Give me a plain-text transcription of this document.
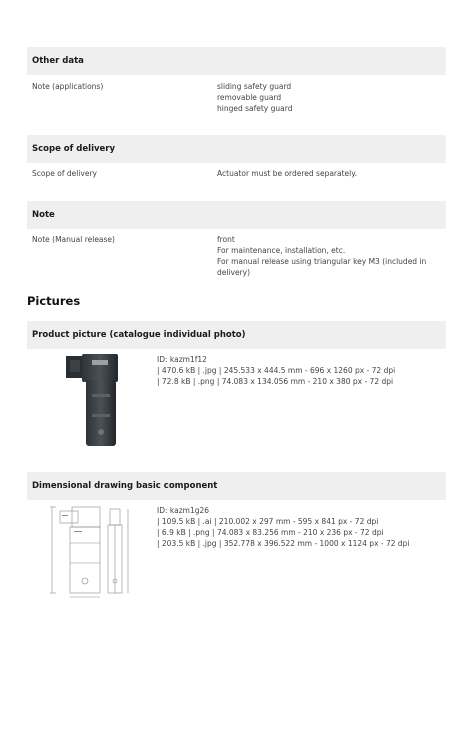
Other data
Note (applications)	sliding safety guard
removable guard
hinged safety guard
Scope of delivery
Scope of delivery	Actuator must be ordered separately.
Note
Note (Manual release)	front
For maintenance, installation, etc.
For manual release using triangular key M3 (included in delivery)
Pictures
Product picture (catalogue individual photo)
ID: kazm1f12
| 470.6 kB | .jpg | 245.533 x 444.5 mm - 696 x 1260 px - 72 dpi
| 72.8 kB | .png | 74.083 x 134.056 mm - 210 x 380 px - 72 dpi
Dimensional drawing basic component
ID: kazm1g26
| 109.5 kB | .ai | 210.002 x 297 mm - 595 x 841 px - 72 dpi
| 6.9 kB | .png | 74.083 x 83.256 mm - 210 x 236 px - 72 dpi
| 203.5 kB | .jpg | 352.778 x 396.522 mm - 1000 x 1124 px - 72 dpi
